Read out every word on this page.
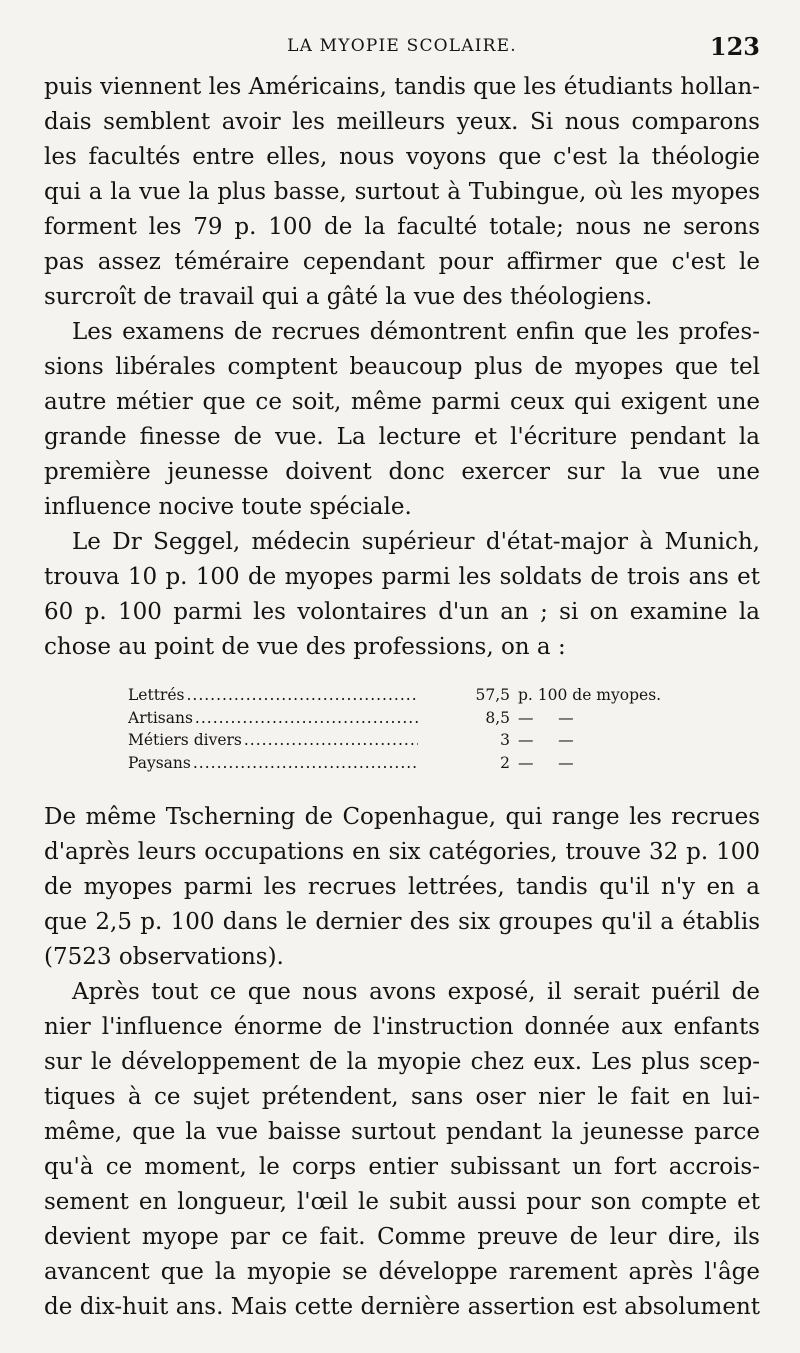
LA MYOPIE SCOLAIRE.	123
puis viennent les Américains, tandis que les étudiants hollan-
dais semblent avoir les meilleurs yeux. Si nous comparons
les facultés entre elles, nous voyons que c'est la théologie
qui a la vue la plus basse, surtout à Tubingue, où les myopes
forment les 79 p. 100 de la faculté totale; nous ne serons
pas assez téméraire cependant pour affirmer que c'est le
surcroît de travail qui a gâté la vue des théologiens.
Les examens de recrues démontrent enfin que les profes-
sions libérales comptent beaucoup plus de myopes que tel
autre métier que ce soit, même parmi ceux qui exigent une
grande finesse de vue. La lecture et l'écriture pendant la
première jeunesse doivent donc exercer sur la vue une
influence nocive toute spéciale.
Le Dr Seggel, médecin supérieur d'état-major à Munich,
trouva 10 p. 100 de myopes parmi les soldats de trois ans et
60 p. 100 parmi les volontaires d'un an ; si on examine la
chose au point de vue des professions, on a :
Lettrés .....	57,5 p. 100 de myopes.
Artisans .....	8,5 —     —
Métiers divers .....	3 —     —
Paysans .....	2 —     —
De même Tscherning de Copenhague, qui range les recrues
d'après leurs occupations en six catégories, trouve 32 p. 100
de myopes parmi les recrues lettrées, tandis qu'il n'y en a
que 2,5 p. 100 dans le dernier des six groupes qu'il a établis
(7523 observations).
Après tout ce que nous avons exposé, il serait puéril de
nier l'influence énorme de l'instruction donnée aux enfants
sur le développement de la myopie chez eux. Les plus scep-
tiques à ce sujet prétendent, sans oser nier le fait en lui-
même, que la vue baisse surtout pendant la jeunesse parce
qu'à ce moment, le corps entier subissant un fort accrois-
sement en longueur, l'œil le subit aussi pour son compte et
devient myope par ce fait. Comme preuve de leur dire, ils
avancent que la myopie se développe rarement après l'âge
de dix-huit ans. Mais cette dernière assertion est absolument
